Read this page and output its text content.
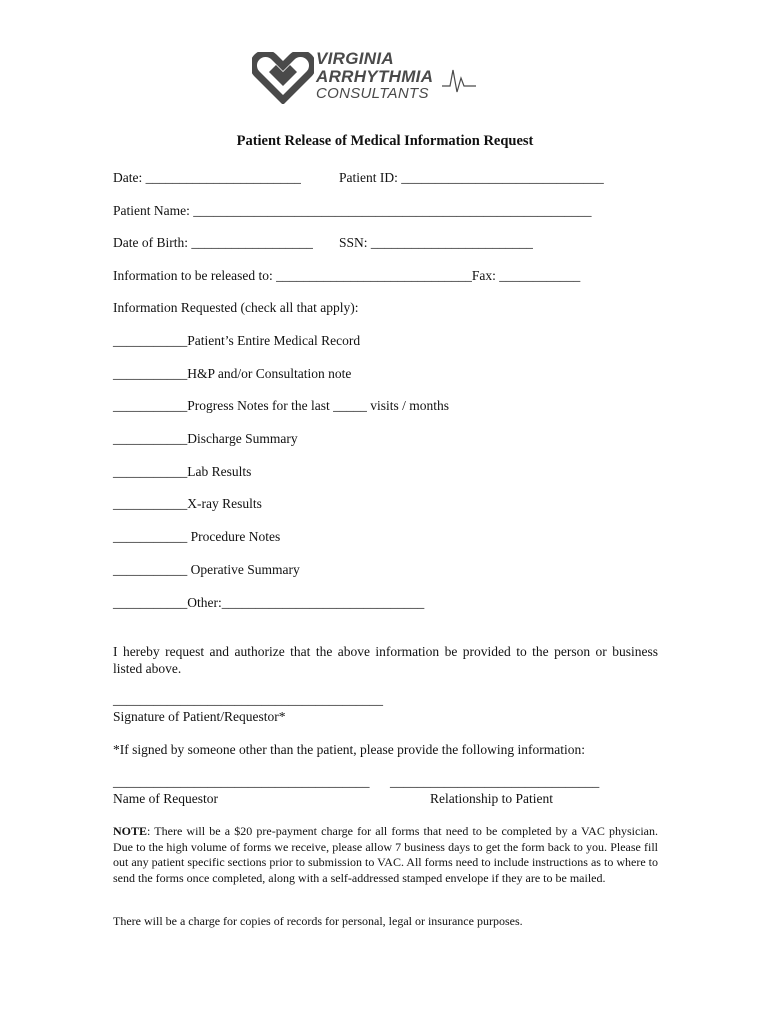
VIRGINIA
ARRHYTHMIA
CONSULTANTS
Patient Release of Medical Information Request
Date: _______________________	Patient ID: ______________________________
Patient Name: ___________________________________________________________
Date of Birth: __________________ SSN: ________________________
Information to be released to: _____________________________Fax: ____________
Information Requested (check all that apply):
___________Patient’s Entire Medical Record
___________H&P and/or Consultation note
___________Progress Notes for the last _____ visits / months
___________Discharge Summary
___________Lab Results
___________X-ray Results
___________ Procedure Notes
___________ Operative Summary
___________Other:______________________________
I hereby request and authorize that the above information be provided to the person or business listed above.
________________________________________
Signature of Patient/Requestor*
*If signed by someone other than the patient, please provide the following information:
______________________________________ _______________________________
Name of Requestor	Relationship to Patient
NOTE: There will be a $20 pre-payment charge for all forms that need to be completed by a VAC physician. Due to the high volume of forms we receive, please allow 7 business days to get the form back to you. Please fill out any patient specific sections prior to submission to VAC. All forms need to include instructions as to where to send the forms once completed, along with a self-addressed stamped envelope if they are to be mailed.
There will be a charge for copies of records for personal, legal or insurance purposes.
